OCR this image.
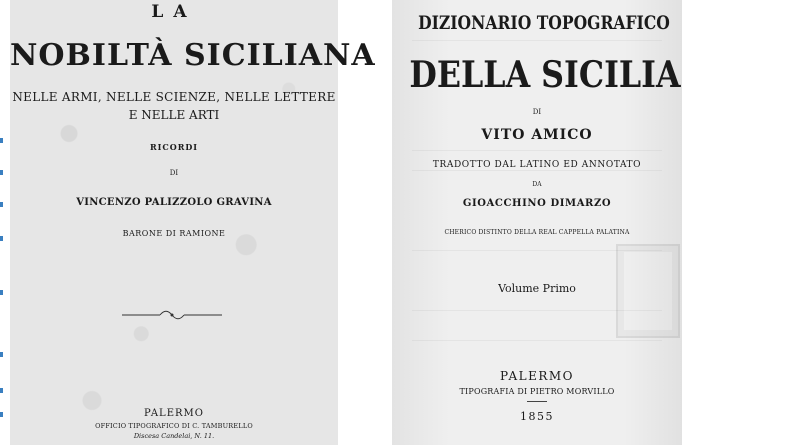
LA
NOBILTÀ SICILIANA
NELLE ARMI, NELLE SCIENZE, NELLE LETTERE
E NELLE ARTI
RICORDI
DI
VINCENZO PALIZZOLO GRAVINA
BARONE DI RAMIONE
PALERMO
OFFICIO TIPOGRAFICO DI C. TAMBURELLO
Discesa Candelai, N. 11.
DIZIONARIO TOPOGRAFICO
DELLA SICILIA
DI
VITO AMICO
TRADOTTO DAL LATINO ED ANNOTATO
DA
GIOACCHINO DIMARZO
CHERICO DISTINTO DELLA REAL CAPPELLA PALATINA
Volume Primo
PALERMO
TIPOGRAFIA DI PIETRO MORVILLO
1855
